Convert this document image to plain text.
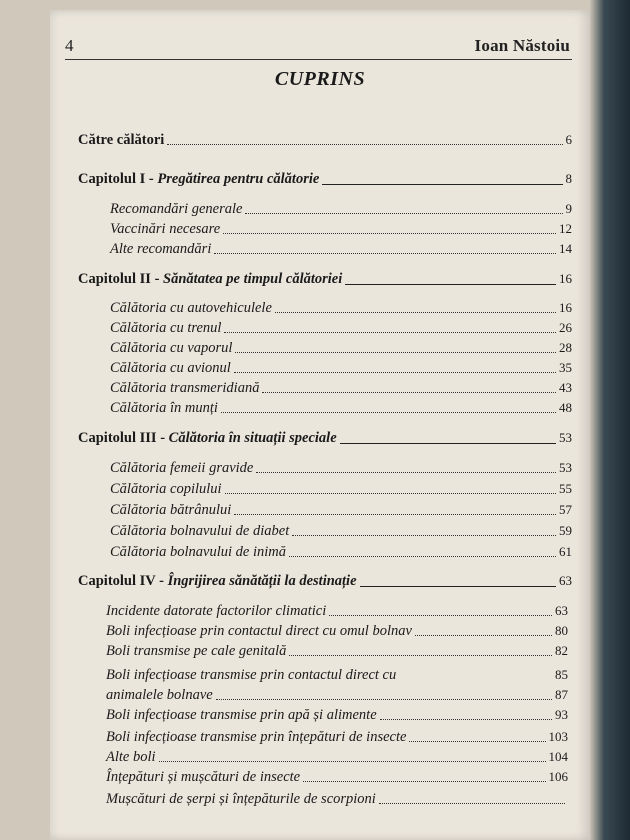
4	Ioan Năstoiu
CUPRINS
Către călători	6
Capitolul I - Pregătirea pentru călătorie	8
Recomandări generale	9
Vaccinări necesare	12
Alte recomandări	14
Capitolul II - Sănătatea pe timpul călătoriei	16
Călătoria cu autovehiculele	16
Călătoria cu trenul	26
Călătoria cu vaporul	28
Călătoria cu avionul	35
Călătoria transmeridiană	43
Călătoria în munți	48
Capitolul III - Călătoria în situații speciale	53
Călătoria femeii gravide	53
Călătoria copilului	55
Călătoria bătrânului	57
Călătoria bolnavului de diabet	59
Călătoria bolnavului de inimă	61
Capitolul IV - Îngrijirea sănătății la destinație	63
Incidente datorate factorilor climatici	63
Boli infecțioase prin contactul direct cu omul bolnav	80
Boli transmise pe cale genitală	82
Boli infecțioase transmise prin contactul direct cu	85
animalele bolnave	87
Boli infecțioase transmise prin apă și alimente	93
Boli infecțioase transmise prin înțepături de insecte	103
Alte boli	104
Înțepături și mușcături de insecte	106
Mușcături de șerpi și înțepăturile de scorpioni
